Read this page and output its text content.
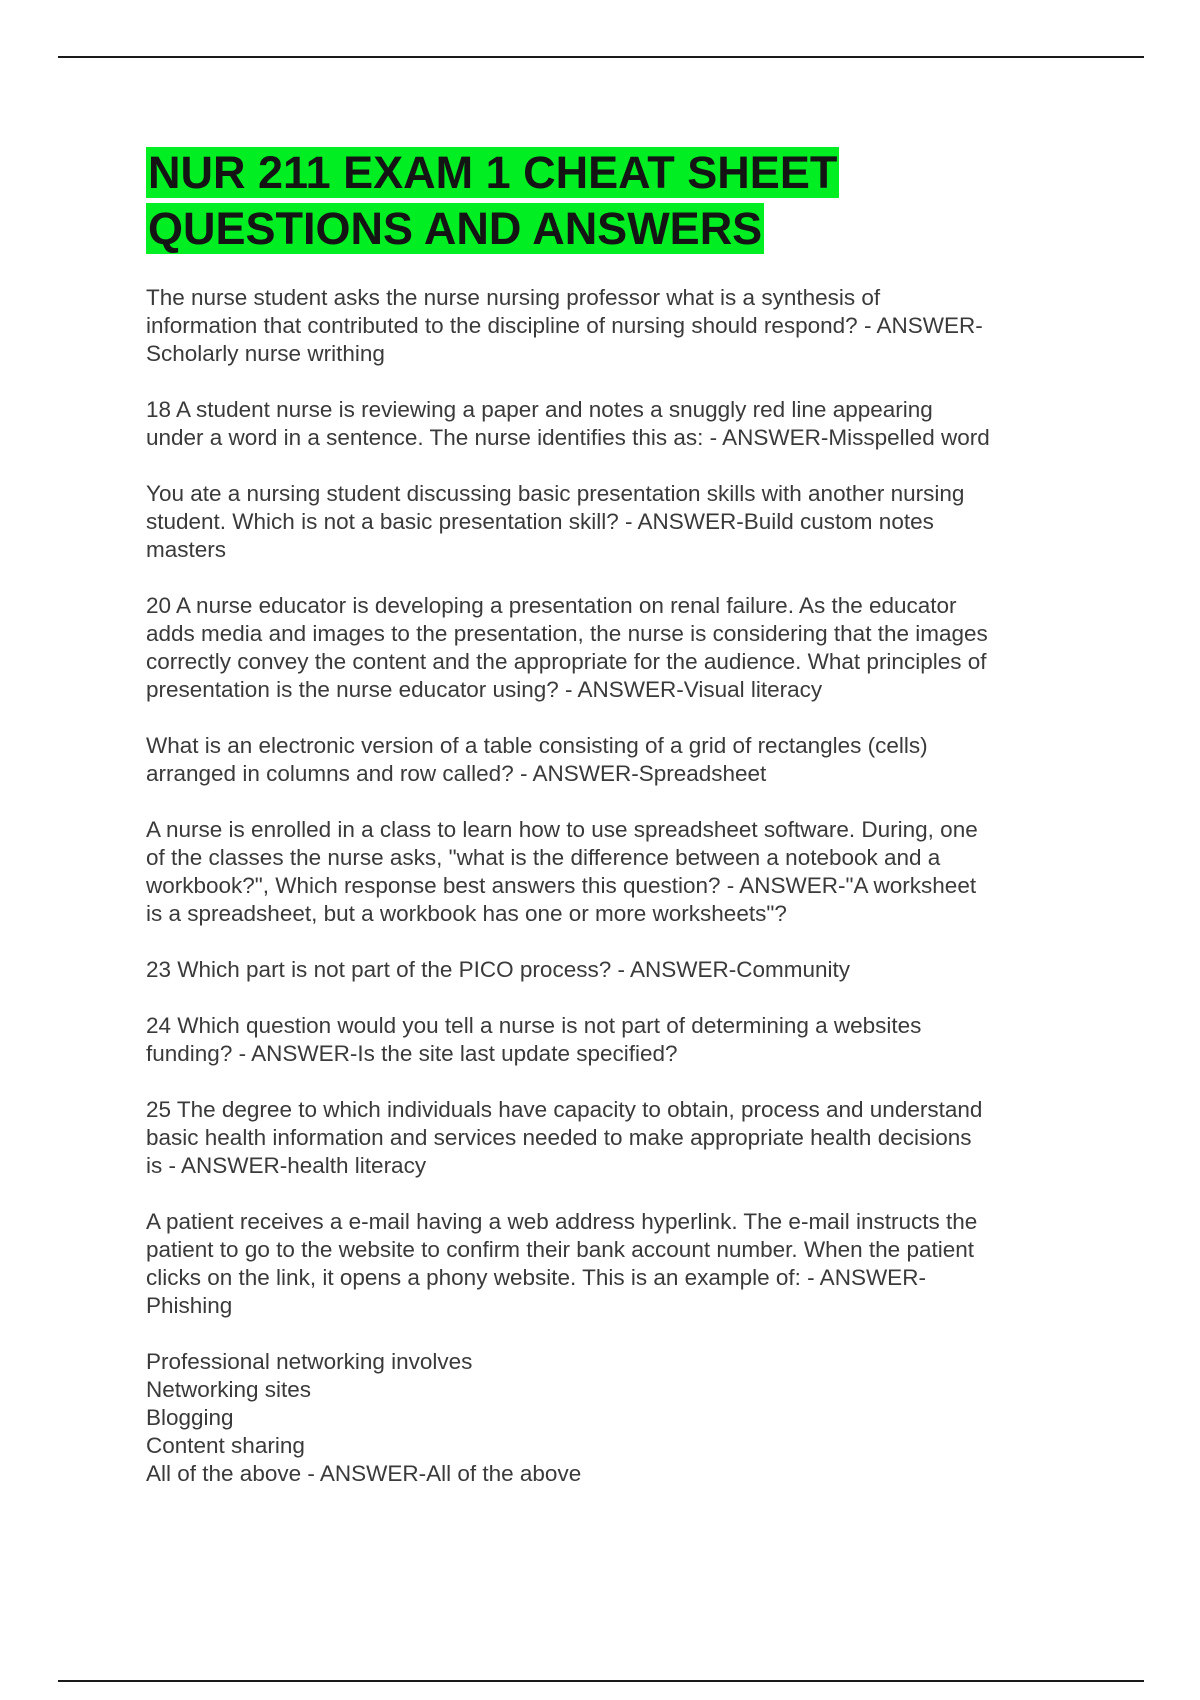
NUR 211 EXAM 1 CHEAT SHEET
QUESTIONS AND ANSWERS

The nurse student asks the nurse nursing professor what is a synthesis of
information that contributed to the discipline of nursing should respond? - ANSWER-
Scholarly nurse writhing

18 A student nurse is reviewing a paper and notes a snuggly red line appearing
under a word in a sentence. The nurse identifies this as: - ANSWER-Misspelled word

You ate a nursing student discussing basic presentation skills with another nursing
student. Which is not a basic presentation skill? - ANSWER-Build custom notes
masters

20 A nurse educator is developing a presentation on renal failure. As the educator
adds media and images to the presentation, the nurse is considering that the images
correctly convey the content and the appropriate for the audience. What principles of
presentation is the nurse educator using? - ANSWER-Visual literacy

What is an electronic version of a table consisting of a grid of rectangles (cells)
arranged in columns and row called? - ANSWER-Spreadsheet

A nurse is enrolled in a class to learn how to use spreadsheet software. During, one
of the classes the nurse asks, "what is the difference between a notebook and a
workbook?", Which response best answers this question? - ANSWER-"A worksheet
is a spreadsheet, but a workbook has one or more worksheets"?

23 Which part is not part of the PICO process? - ANSWER-Community

24 Which question would you tell a nurse is not part of determining a websites
funding? - ANSWER-Is the site last update specified?

25 The degree to which individuals have capacity to obtain, process and understand
basic health information and services needed to make appropriate health decisions
is - ANSWER-health literacy

A patient receives a e-mail having a web address hyperlink. The e-mail instructs the
patient to go to the website to confirm their bank account number. When the patient
clicks on the link, it opens a phony website. This is an example of: - ANSWER-
Phishing

Professional networking involves
Networking sites
Blogging
Content sharing
All of the above - ANSWER-All of the above
